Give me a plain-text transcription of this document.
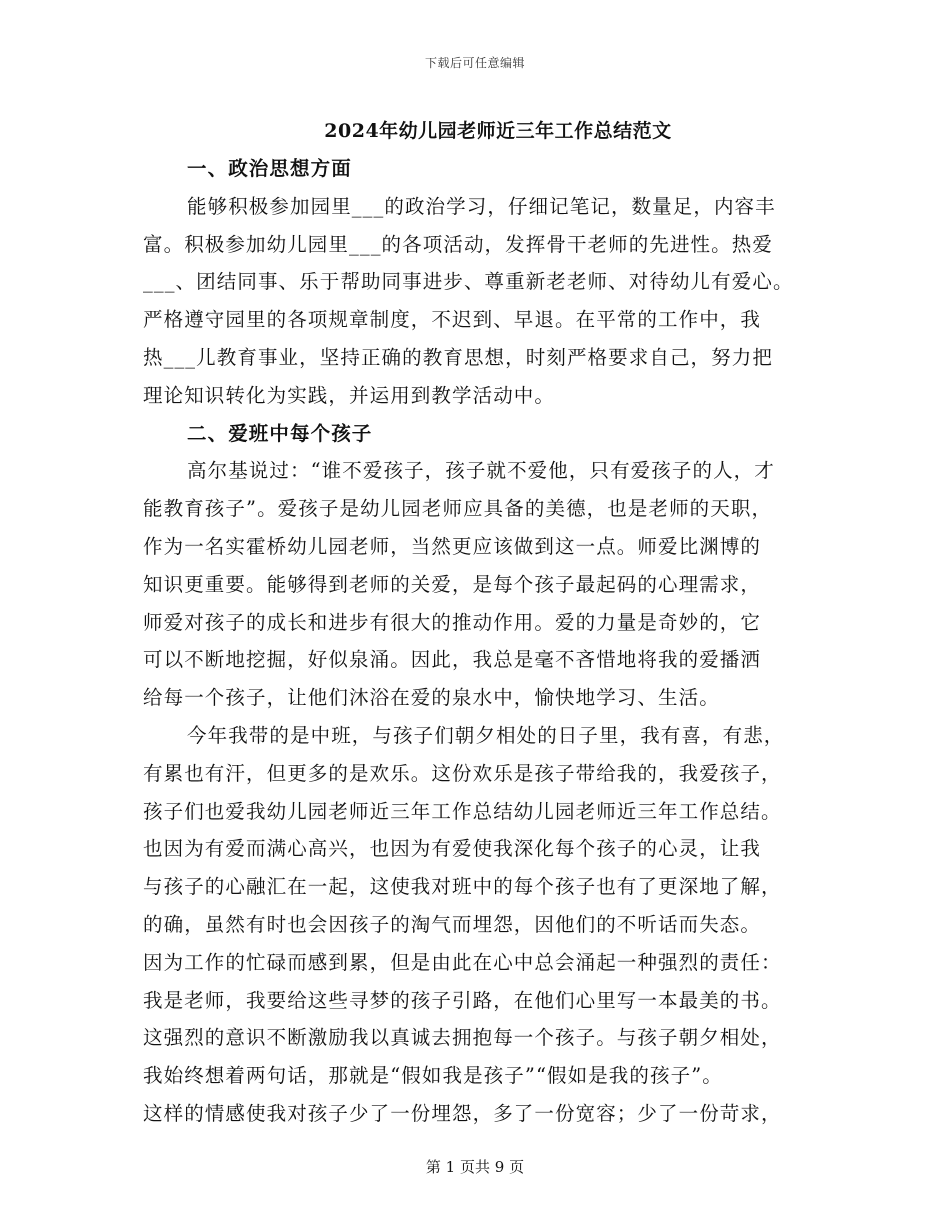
下载后可任意编辑
2024年幼儿园老师近三年工作总结范文
一、政治思想方面
能够积极参加园里___的政治学习，仔细记笔记，数量足，内容丰
富。积极参加幼儿园里___的各项活动，发挥骨干老师的先进性。热爱
___、团结同事、乐于帮助同事进步、尊重新老老师、对待幼儿有爱心。
严格遵守园里的各项规章制度，不迟到、早退。在平常的工作中，我
热___儿教育事业，坚持正确的教育思想，时刻严格要求自己，努力把
理论知识转化为实践，并运用到教学活动中。
二、爱班中每个孩子
高尔基说过：“谁不爱孩子，孩子就不爱他，只有爱孩子的人，才
能教育孩子”。爱孩子是幼儿园老师应具备的美德，也是老师的天职，
作为一名实霍桥幼儿园老师，当然更应该做到这一点。师爱比渊博的
知识更重要。能够得到老师的关爱，是每个孩子最起码的心理需求，
师爱对孩子的成长和进步有很大的推动作用。爱的力量是奇妙的，它
可以不断地挖掘，好似泉涌。因此，我总是毫不吝惜地将我的爱播洒
给每一个孩子，让他们沐浴在爱的泉水中，愉快地学习、生活。
今年我带的是中班，与孩子们朝夕相处的日子里，我有喜，有悲，
有累也有汗，但更多的是欢乐。这份欢乐是孩子带给我的，我爱孩子，
孩子们也爱我幼儿园老师近三年工作总结幼儿园老师近三年工作总结。
也因为有爱而满心高兴，也因为有爱使我深化每个孩子的心灵，让我
与孩子的心融汇在一起，这使我对班中的每个孩子也有了更深地了解，
的确，虽然有时也会因孩子的淘气而埋怨，因他们的不听话而失态。
因为工作的忙碌而感到累，但是由此在心中总会涌起一种强烈的责任：
我是老师，我要给这些寻梦的孩子引路，在他们心里写一本最美的书。
这强烈的意识不断激励我以真诚去拥抱每一个孩子。与孩子朝夕相处，
我始终想着两句话，那就是“假如我是孩子”“假如是我的孩子”。
这样的情感使我对孩子少了一份埋怨，多了一份宽容；少了一份苛求，
第 1 页共 9 页
